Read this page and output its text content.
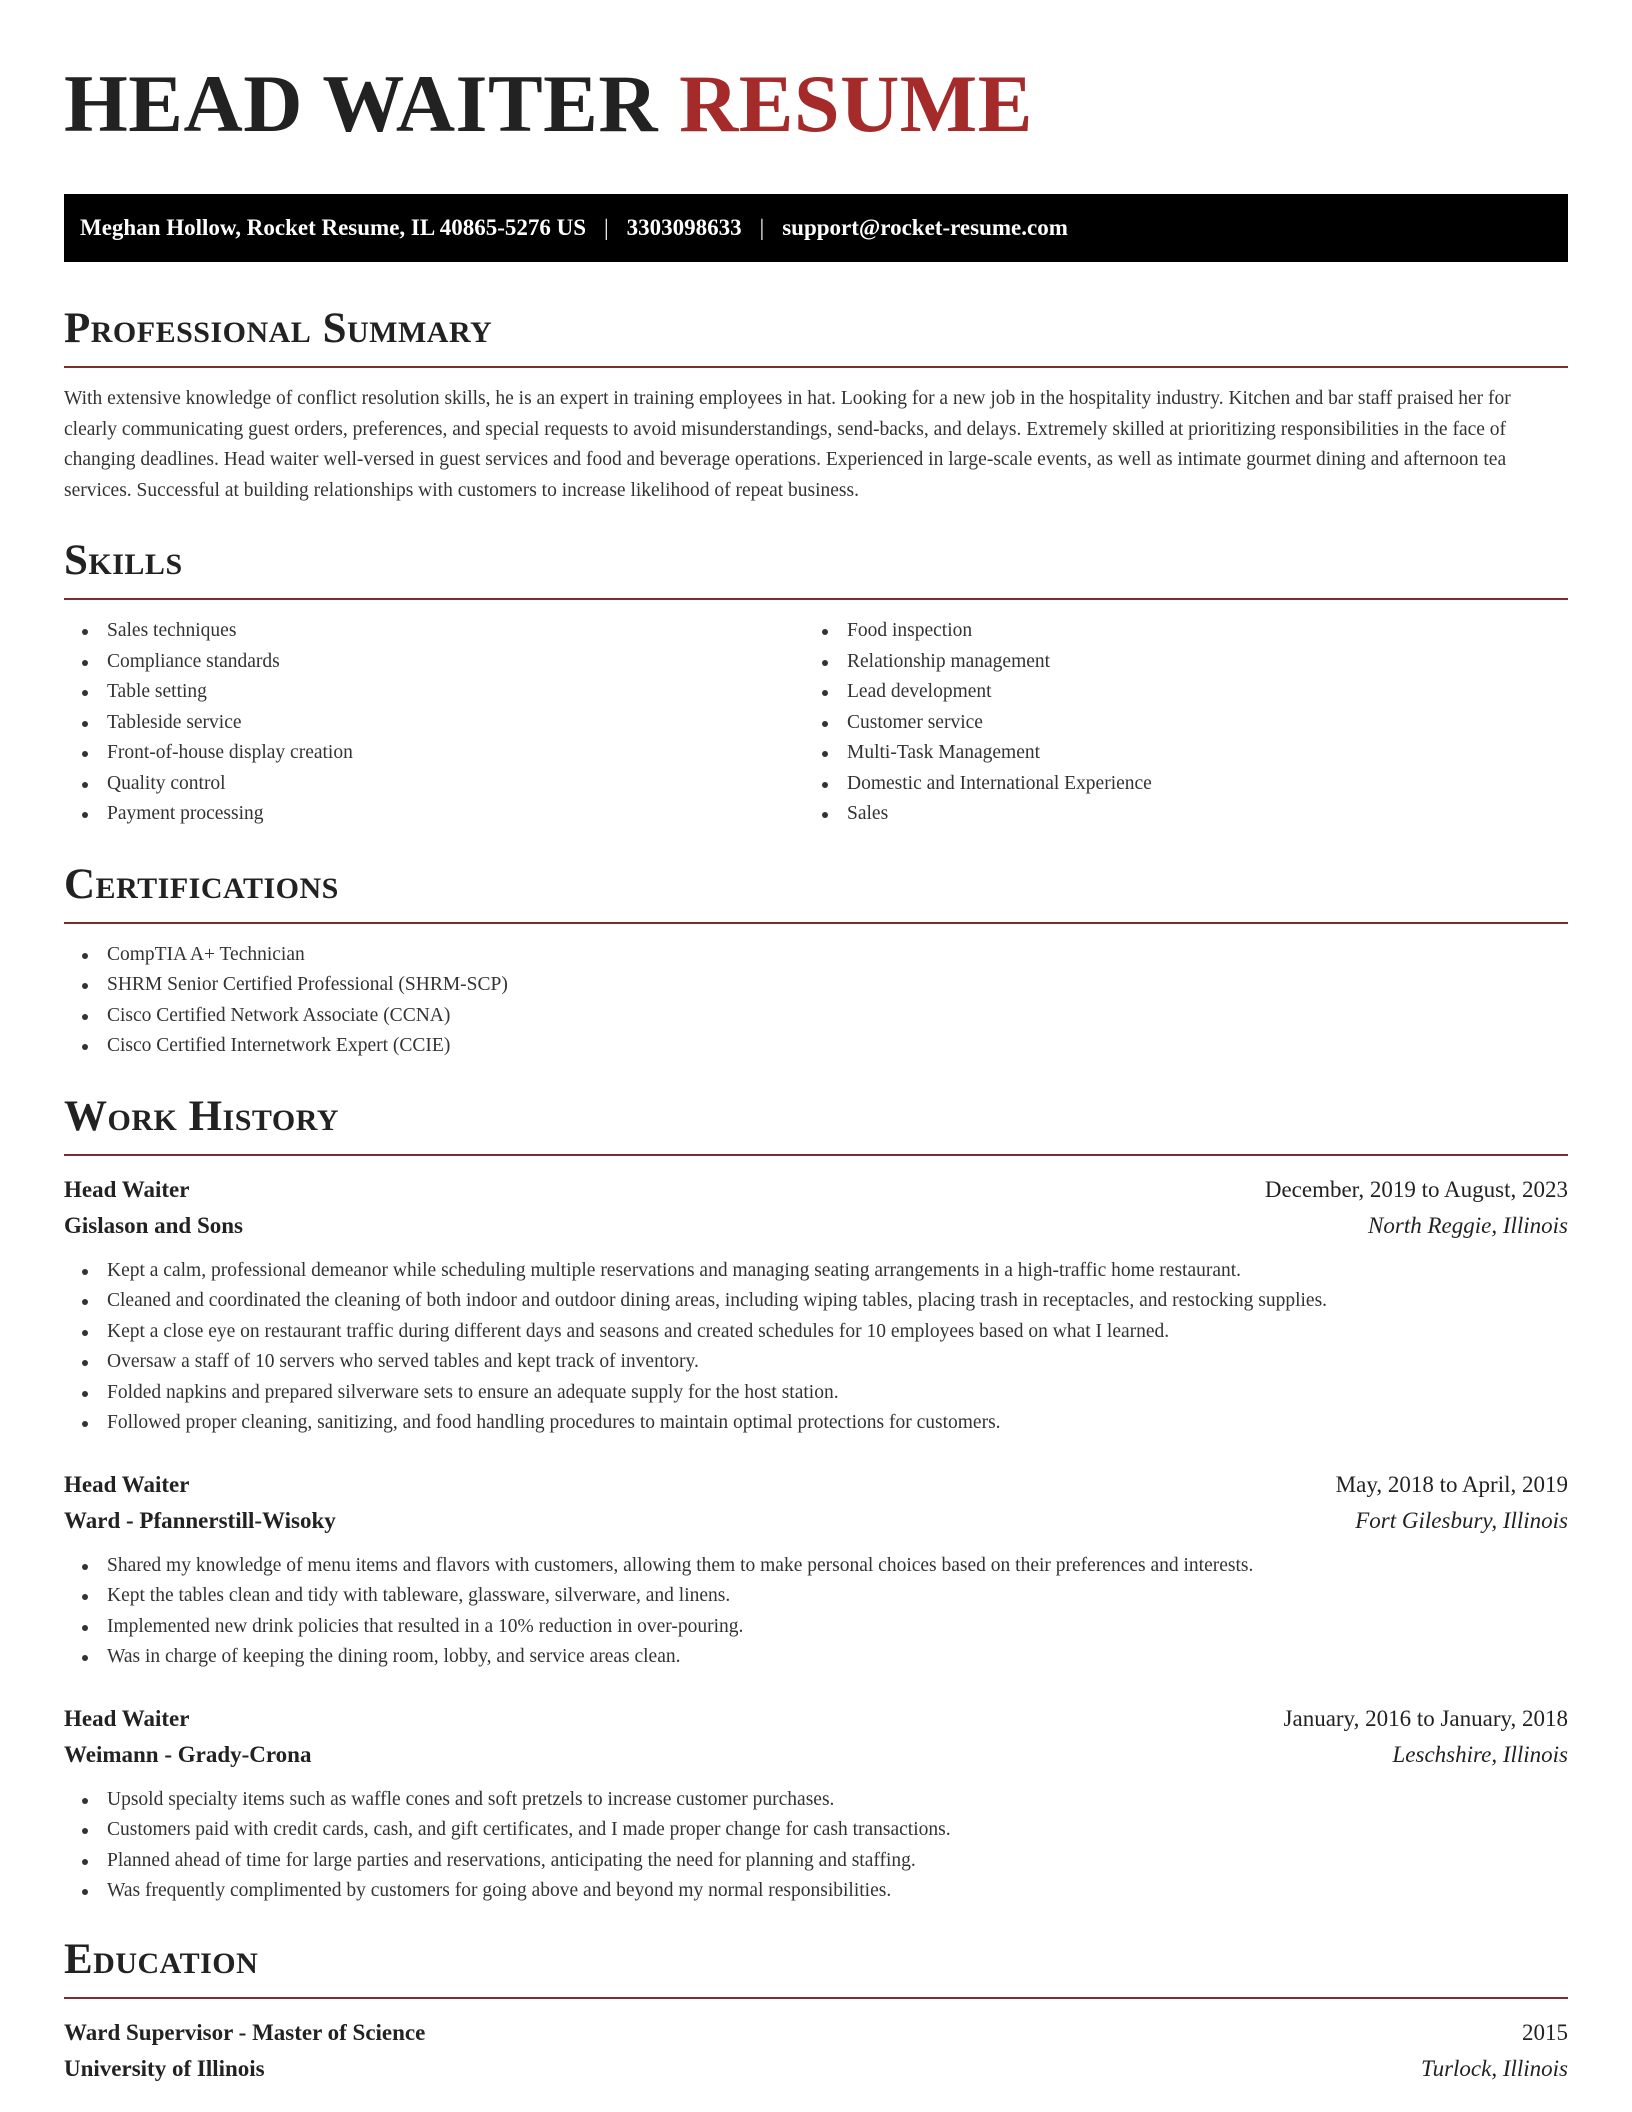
HEAD WAITER RESUME
Meghan Hollow, Rocket Resume, IL 40865-5276 US | 3303098633 | support@rocket-resume.com
Professional Summary

With extensive knowledge of conflict resolution skills, he is an expert in training employees in hat. Looking for a new job in the hospitality industry. Kitchen and bar staff praised her for clearly communicating guest orders, preferences, and special requests to avoid misunderstandings, send-backs, and delays. Extremely skilled at prioritizing responsibilities in the face of changing deadlines. Head waiter well-versed in guest services and food and beverage operations. Experienced in large-scale events, as well as intimate gourmet dining and afternoon tea services. Successful at building relationships with customers to increase likelihood of repeat business.

Skills
Sales techniques
Compliance standards
Table setting
Tableside service
Front-of-house display creation
Quality control
Payment processing
Food inspection
Relationship management
Lead development
Customer service
Multi-Task Management
Domestic and International Experience
Sales
Certifications
CompTIA A+ Technician
SHRM Senior Certified Professional (SHRM-SCP)
Cisco Certified Network Associate (CCNA)
Cisco Certified Internetwork Expert (CCIE)
Work History
Head Waiter	December, 2019 to August, 2023
Gislason and Sons	North Reggie, Illinois
Kept a calm, professional demeanor while scheduling multiple reservations and managing seating arrangements in a high-traffic home restaurant.
Cleaned and coordinated the cleaning of both indoor and outdoor dining areas, including wiping tables, placing trash in receptacles, and restocking supplies.
Kept a close eye on restaurant traffic during different days and seasons and created schedules for 10 employees based on what I learned.
Oversaw a staff of 10 servers who served tables and kept track of inventory.
Folded napkins and prepared silverware sets to ensure an adequate supply for the host station.
Followed proper cleaning, sanitizing, and food handling procedures to maintain optimal protections for customers.
Head Waiter	May, 2018 to April, 2019
Ward - Pfannerstill-Wisoky	Fort Gilesbury, Illinois
Shared my knowledge of menu items and flavors with customers, allowing them to make personal choices based on their preferences and interests.
Kept the tables clean and tidy with tableware, glassware, silverware, and linens.
Implemented new drink policies that resulted in a 10% reduction in over-pouring.
Was in charge of keeping the dining room, lobby, and service areas clean.
Head Waiter	January, 2016 to January, 2018
Weimann - Grady-Crona	Leschshire, Illinois
Upsold specialty items such as waffle cones and soft pretzels to increase customer purchases.
Customers paid with credit cards, cash, and gift certificates, and I made proper change for cash transactions.
Planned ahead of time for large parties and reservations, anticipating the need for planning and staffing.
Was frequently complimented by customers for going above and beyond my normal responsibilities.
Education
Ward Supervisor - Master of Science	2015
University of Illinois	Turlock, Illinois
